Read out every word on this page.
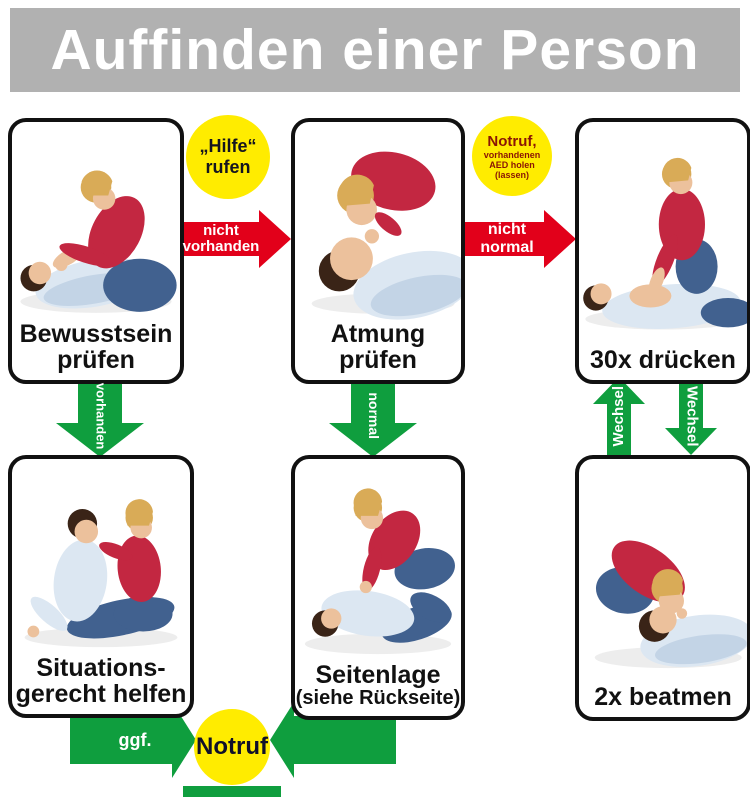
Auffinden einer Person
nicht
vorhanden
nicht
normal
vorhanden	normal	Wechsel	Wechsel
ggf.
„Hilfe“
rufen
Notruf,
vorhandenen
AED holen
(lassen)
Notruf
Bewusstsein
prüfen
Atmung
prüfen	30x drücken
Situations-
gerecht helfen
Seitenlage
(siehe Rückseite)	2x beatmen
